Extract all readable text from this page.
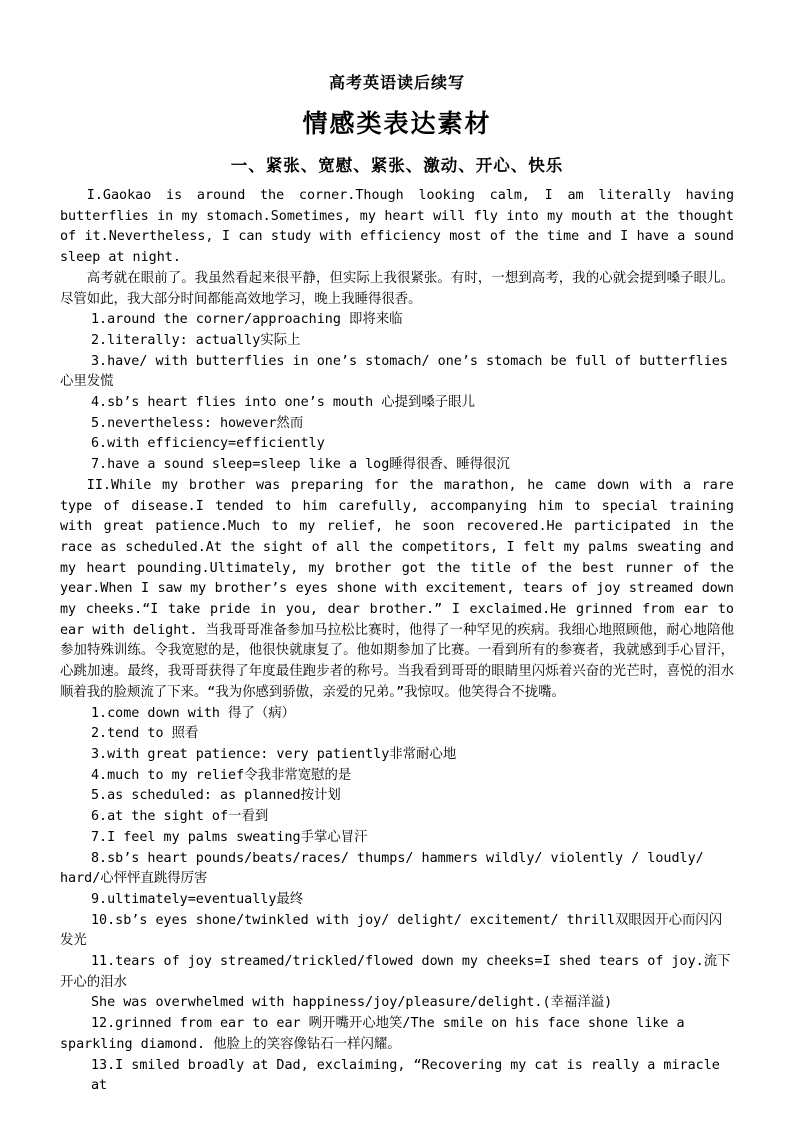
高考英语读后续写
情感类表达素材
一、紧张、宽慰、紧张、激动、开心、快乐

I.Gaokao is around the corner.Though looking calm, I am literally having butterflies in my stomach.Sometimes, my heart will fly into my mouth at the thought of it.Nevertheless, I can study with efficiency most of the time and I have a sound sleep at night.

高考就在眼前了。我虽然看起来很平静，但实际上我很紧张。有时，一想到高考，我的心就会提到嗓子眼儿。尽管如此，我大部分时间都能高效地学习，晚上我睡得很香。

1.around the corner/approaching 即将来临

2.literally: actually实际上

3.have/ with butterflies in one’s stomach/ one’s stomach be full of butterflies 心里发慌

4.sb’s heart flies into one’s mouth 心提到嗓子眼儿

5.nevertheless: however然而

6.with efficiency=efficiently

7.have a sound sleep=sleep like a log睡得很香、睡得很沉

II.While my brother was preparing for the marathon, he came down with a rare type of disease.I tended to him carefully, accompanying him to special training with great patience.Much to my relief, he soon recovered.He participated in the race as scheduled.At the sight of all the competitors, I felt my palms sweating and my heart pounding.Ultimately, my brother got the title of the best runner of the year.When I saw my brother’s eyes shone with excitement, tears of joy streamed down my cheeks.“I take pride in you, dear brother.” I exclaimed.He grinned from ear to ear with delight. 当我哥哥准备参加马拉松比赛时，他得了一种罕见的疾病。我细心地照顾他，耐心地陪他参加特殊训练。令我宽慰的是，他很快就康复了。他如期参加了比赛。一看到所有的参赛者，我就感到手心冒汗，心跳加速。最终，我哥哥获得了年度最佳跑步者的称号。当我看到哥哥的眼睛里闪烁着兴奋的光芒时，喜悦的泪水顺着我的脸颊流了下来。“我为你感到骄傲，亲爱的兄弟。”我惊叹。他笑得合不拢嘴。

1.come down with 得了（病）

2.tend to 照看

3.with great patience: very patiently非常耐心地

4.much to my relief令我非常宽慰的是

5.as scheduled: as planned按计划

6.at the sight of一看到

7.I feel my palms sweating手掌心冒汗

8.sb’s heart pounds/beats/races/ thumps/ hammers wildly/ violently / loudly/ hard/心怦怦直跳得厉害

9.ultimately=eventually最终

10.sb’s eyes shone/twinkled with joy/ delight/ excitement/ thrill双眼因开心而闪闪发光

11.tears of joy streamed/trickled/flowed down my cheeks=I shed tears of joy.流下开心的泪水

She was overwhelmed with happiness/joy/pleasure/delight.(幸福洋溢)

12.grinned from ear to ear 咧开嘴开心地笑/The smile on his face shone like a sparkling diamond. 他脸上的笑容像钻石一样闪耀。

13.I smiled broadly at Dad, exclaiming, “Recovering my cat is really a miracle at
